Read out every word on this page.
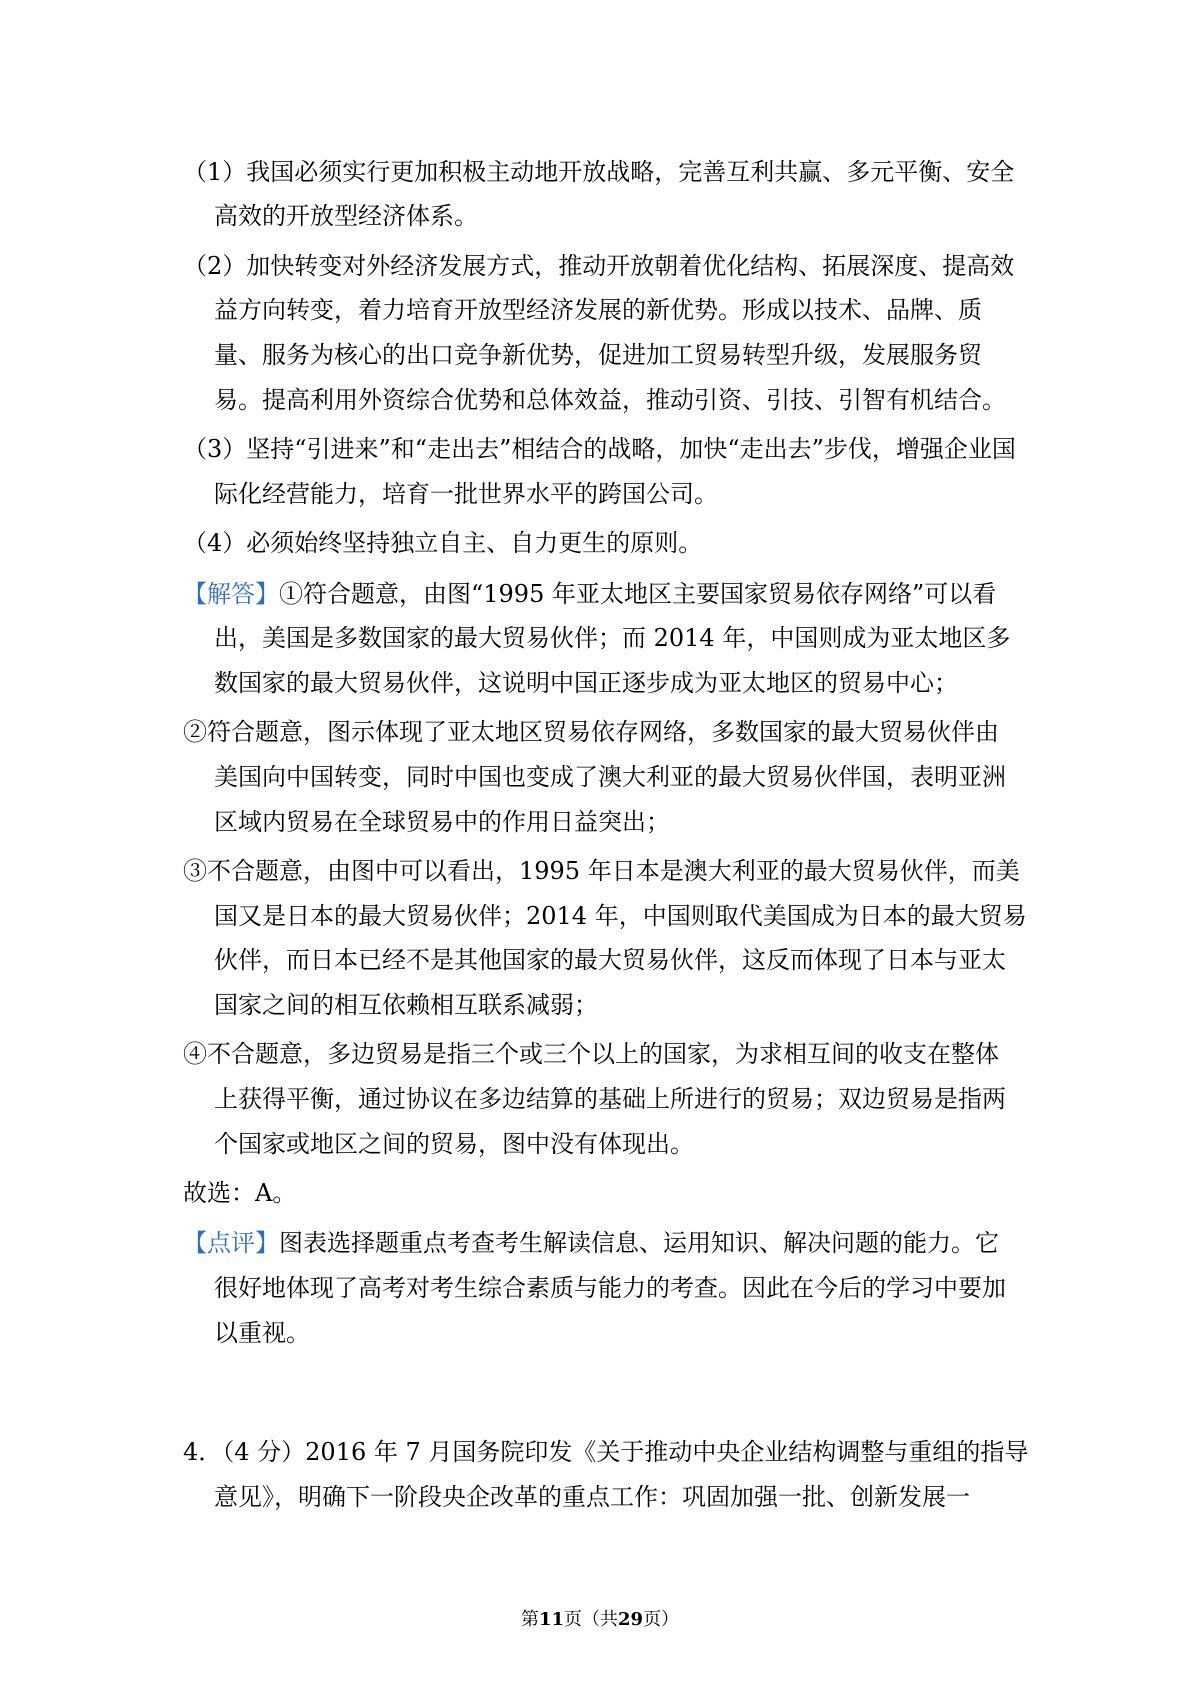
（1）我国必须实行更加积极主动地开放战略，完善互利共赢、多元平衡、安全
高效的开放型经济体系。
（2）加快转变对外经济发展方式，推动开放朝着优化结构、拓展深度、提高效
益方向转变，着力培育开放型经济发展的新优势。形成以技术、品牌、质
量、服务为核心的出口竞争新优势，促进加工贸易转型升级，发展服务贸
易。提高利用外资综合优势和总体效益，推动引资、引技、引智有机结合。
（3）坚持“引进来”和“走出去”相结合的战略，加快“走出去”步伐，增强企业国
际化经营能力，培育一批世界水平的跨国公司。
（4）必须始终坚持独立自主、自力更生的原则。
【解答】①符合题意，由图“1995 年亚太地区主要国家贸易依存网络”可以看
出，美国是多数国家的最大贸易伙伴；而 2014 年，中国则成为亚太地区多
数国家的最大贸易伙伴，这说明中国正逐步成为亚太地区的贸易中心；
②符合题意，图示体现了亚太地区贸易依存网络，多数国家的最大贸易伙伴由
美国向中国转变，同时中国也变成了澳大利亚的最大贸易伙伴国，表明亚洲
区域内贸易在全球贸易中的作用日益突出；
③不合题意，由图中可以看出，1995 年日本是澳大利亚的最大贸易伙伴，而美
国又是日本的最大贸易伙伴；2014 年，中国则取代美国成为日本的最大贸易
伙伴，而日本已经不是其他国家的最大贸易伙伴，这反而体现了日本与亚太
国家之间的相互依赖相互联系减弱；
④不合题意，多边贸易是指三个或三个以上的国家，为求相互间的收支在整体
上获得平衡，通过协议在多边结算的基础上所进行的贸易；双边贸易是指两
个国家或地区之间的贸易，图中没有体现出。
故选：A。
【点评】图表选择题重点考查考生解读信息、运用知识、解决问题的能力。它
很好地体现了高考对考生综合素质与能力的考查。因此在今后的学习中要加
以重视。
4．（4 分）2016 年 7 月国务院印发《关于推动中央企业结构调整与重组的指导
意见》，明确下一阶段央企改革的重点工作：巩固加强一批、创新发展一
第11页（共29页）
